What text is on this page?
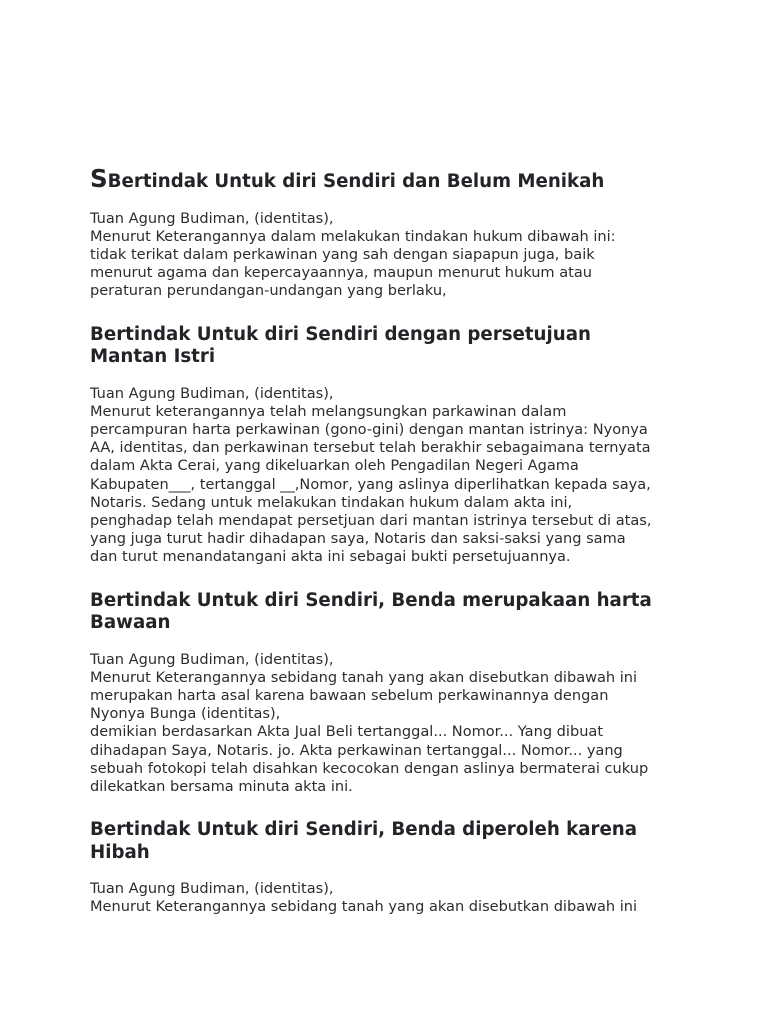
SBertindak Untuk diri Sendiri dan Belum Menikah

Tuan Agung Budiman, (identitas),
Menurut Keterangannya dalam melakukan tindakan hukum dibawah ini:
tidak terikat dalam perkawinan yang sah dengan siapapun juga, baik
menurut agama dan kepercayaannya, maupun menurut hukum atau
peraturan perundangan-undangan yang berlaku,

Bertindak Untuk diri Sendiri dengan persetujuan
Mantan Istri

Tuan Agung Budiman, (identitas),
Menurut keterangannya telah melangsungkan parkawinan dalam
percampuran harta perkawinan (gono-gini) dengan mantan istrinya: Nyonya
AA, identitas, dan perkawinan tersebut telah berakhir sebagaimana ternyata
dalam Akta Cerai, yang dikeluarkan oleh Pengadilan Negeri Agama
Kabupaten___, tertanggal __,Nomor, yang aslinya diperlihatkan kepada saya,
Notaris. Sedang untuk melakukan tindakan hukum dalam akta ini,
penghadap telah mendapat persetjuan dari mantan istrinya tersebut di atas,
yang juga turut hadir dihadapan saya, Notaris dan saksi-saksi yang sama
dan turut menandatangani akta ini sebagai bukti persetujuannya.

Bertindak Untuk diri Sendiri, Benda merupakaan harta
Bawaan

Tuan Agung Budiman, (identitas),
Menurut Keterangannya sebidang tanah yang akan disebutkan dibawah ini
merupakan harta asal karena bawaan sebelum perkawinannya dengan
Nyonya Bunga (identitas),
demikian berdasarkan Akta Jual Beli tertanggal... Nomor... Yang dibuat
dihadapan Saya, Notaris. jo. Akta perkawinan tertanggal... Nomor... yang
sebuah fotokopi telah disahkan kecocokan dengan aslinya bermaterai cukup
dilekatkan bersama minuta akta ini.

Bertindak Untuk diri Sendiri, Benda diperoleh karena
Hibah

Tuan Agung Budiman, (identitas),
Menurut Keterangannya sebidang tanah yang akan disebutkan dibawah ini
